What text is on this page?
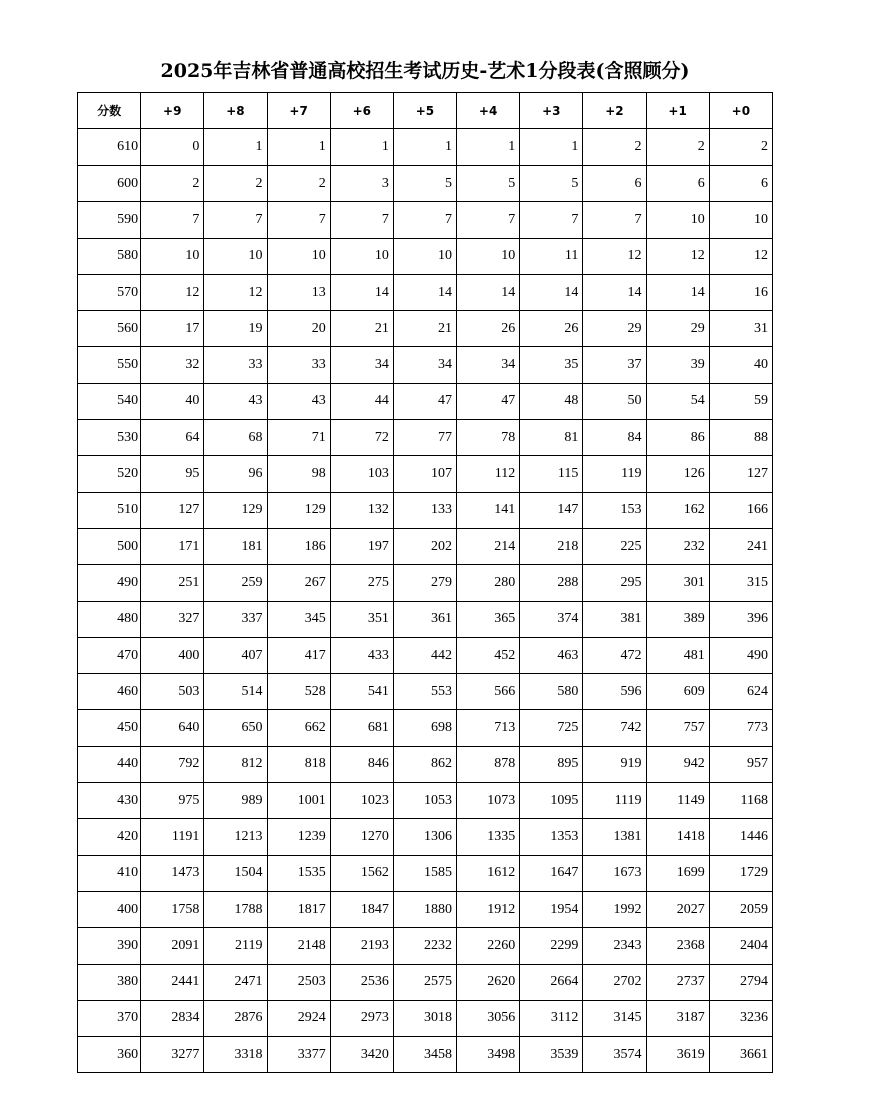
2025年吉林省普通高校招生考试历史-艺术1分段表(含照顾分)
分数	+9	+8	+7	+6	+5	+4	+3	+2	+1	+0
610	0	1	1	1	1	1	1	2	2	2
600	2	2	2	3	5	5	5	6	6	6
590	7	7	7	7	7	7	7	7	10	10
580	10	10	10	10	10	10	11	12	12	12
570	12	12	13	14	14	14	14	14	14	16
560	17	19	20	21	21	26	26	29	29	31
550	32	33	33	34	34	34	35	37	39	40
540	40	43	43	44	47	47	48	50	54	59
530	64	68	71	72	77	78	81	84	86	88
520	95	96	98	103	107	112	115	119	126	127
510	127	129	129	132	133	141	147	153	162	166
500	171	181	186	197	202	214	218	225	232	241
490	251	259	267	275	279	280	288	295	301	315
480	327	337	345	351	361	365	374	381	389	396
470	400	407	417	433	442	452	463	472	481	490
460	503	514	528	541	553	566	580	596	609	624
450	640	650	662	681	698	713	725	742	757	773
440	792	812	818	846	862	878	895	919	942	957
430	975	989	1001	1023	1053	1073	1095	1119	1149	1168
420	1191	1213	1239	1270	1306	1335	1353	1381	1418	1446
410	1473	1504	1535	1562	1585	1612	1647	1673	1699	1729
400	1758	1788	1817	1847	1880	1912	1954	1992	2027	2059
390	2091	2119	2148	2193	2232	2260	2299	2343	2368	2404
380	2441	2471	2503	2536	2575	2620	2664	2702	2737	2794
370	2834	2876	2924	2973	3018	3056	3112	3145	3187	3236
360	3277	3318	3377	3420	3458	3498	3539	3574	3619	3661
